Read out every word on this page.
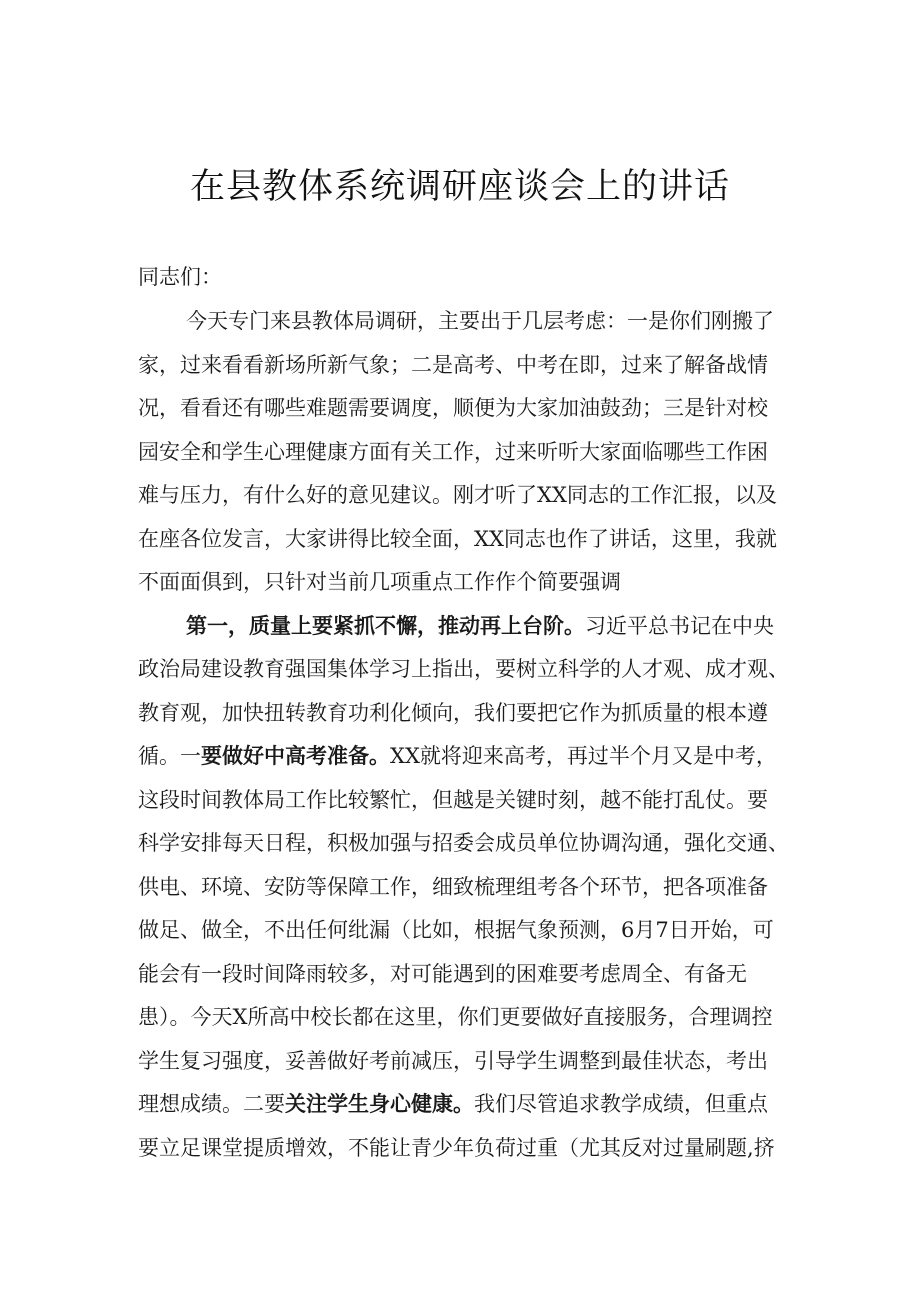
在县教体系统调研座谈会上的讲话
同志们：
今天专门来县教体局调研，主要出于几层考虑：一是你们刚搬了
家，过来看看新场所新气象；二是高考、中考在即，过来了解备战情
况，看看还有哪些难题需要调度，顺便为大家加油鼓劲；三是针对校
园安全和学生心理健康方面有关工作，过来听听大家面临哪些工作困
难与压力，有什么好的意见建议。刚才听了XX同志的工作汇报，以及
在座各位发言，大家讲得比较全面，XX同志也作了讲话，这里，我就
不面面俱到，只针对当前几项重点工作作个简要强调
第一，质量上要紧抓不懈，推动再上台阶。习近平总书记在中央
政治局建设教育强国集体学习上指出，要树立科学的人才观、成才观、
教育观，加快扭转教育功利化倾向，我们要把它作为抓质量的根本遵
循。一要做好中高考准备。XX就将迎来高考，再过半个月又是中考，
这段时间教体局工作比较繁忙，但越是关键时刻，越不能打乱仗。要
科学安排每天日程，积极加强与招委会成员单位协调沟通，强化交通、
供电、环境、安防等保障工作，细致梳理组考各个环节，把各项准备
做足、做全，不出任何纰漏（比如，根据气象预测，6月7日开始，可
能会有一段时间降雨较多，对可能遇到的困难要考虑周全、有备无
患）。今天X所高中校长都在这里，你们更要做好直接服务，合理调控
学生复习强度，妥善做好考前减压，引导学生调整到最佳状态，考出
理想成绩。二要关注学生身心健康。我们尽管追求教学成绩，但重点
要立足课堂提质增效，不能让青少年负荷过重（尤其反对过量刷题,挤
